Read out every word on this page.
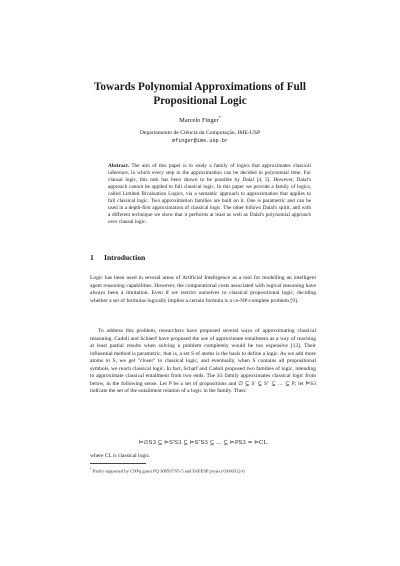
Towards Polynomial Approximations of Full
Propositional Logic
Marcelo Finger*
Departamento de Ciência da Computação, IME-USP
mfinger@ime.usp.br
Abstract. The aim of this paper is to study a family of logics that approximates classical inference, in which every step in the approximation can be decided in polynomial time. For clausal logic, this task has been shown to be possible by Dalal [4, 5]. However, Dalal's approach cannot be applied to full classical logic. In this paper we provide a family of logics, called Limited Bivaluation Logics, via a semantic approach to approximation that applies to full classical logic. Two approximation families are built on it. One is parametric and can be used in a depth-first approximation of classical logic. The other follows Dalal's spirit, and with a different technique we show that it performs at least as well as Dalal's polynomial approach over clausal logic.
1 Introduction
Logic has been used in several areas of Artificial Intelligence as a tool for modelling an intelligent agent reasoning capabilities. However, the computational costs associated with logical reasoning have always been a limitation. Even if we restrict ourselves to classical propositional logic, deciding whether a set of formulas logically implies a certain formula is a co-NP-complete problem [9].
To address this problem, researchers have proposed several ways of approximating classical reasoning. Cadoli and Schaerf have proposed the use of approximate entailment as a way of reaching at least partial results when solving a problem completely would be too expensive [13]. Their influential method is parametric, that is, a set S of atoms is the basis to define a logic. As we add more atoms to S, we get "closer" to classical logic, and eventually, when S contains all propositional symbols, we reach classical logic. In fact, Scharf and Cadoli proposed two families of logic, intending to approximate classical entailment from two ends. The S3 family approximates classical logic from below, in the following sense. Let P be a set of propositions and ∅ ⊆ S′ ⊆ S″ ⊆ … ⊆ P; let ⊨S3 indicate the set of the entailment relation of a logic in the family. Then:
⊨∅S3 ⊆ ⊨S′S3 ⊆ ⊨S″S3 ⊆ … ⊆ ⊨PS3 = ⊨CL
where CL is classical logic.
* Partly supported by CNPq grant PQ 300597/95-5 and FAPESP project 03/00312-0.
